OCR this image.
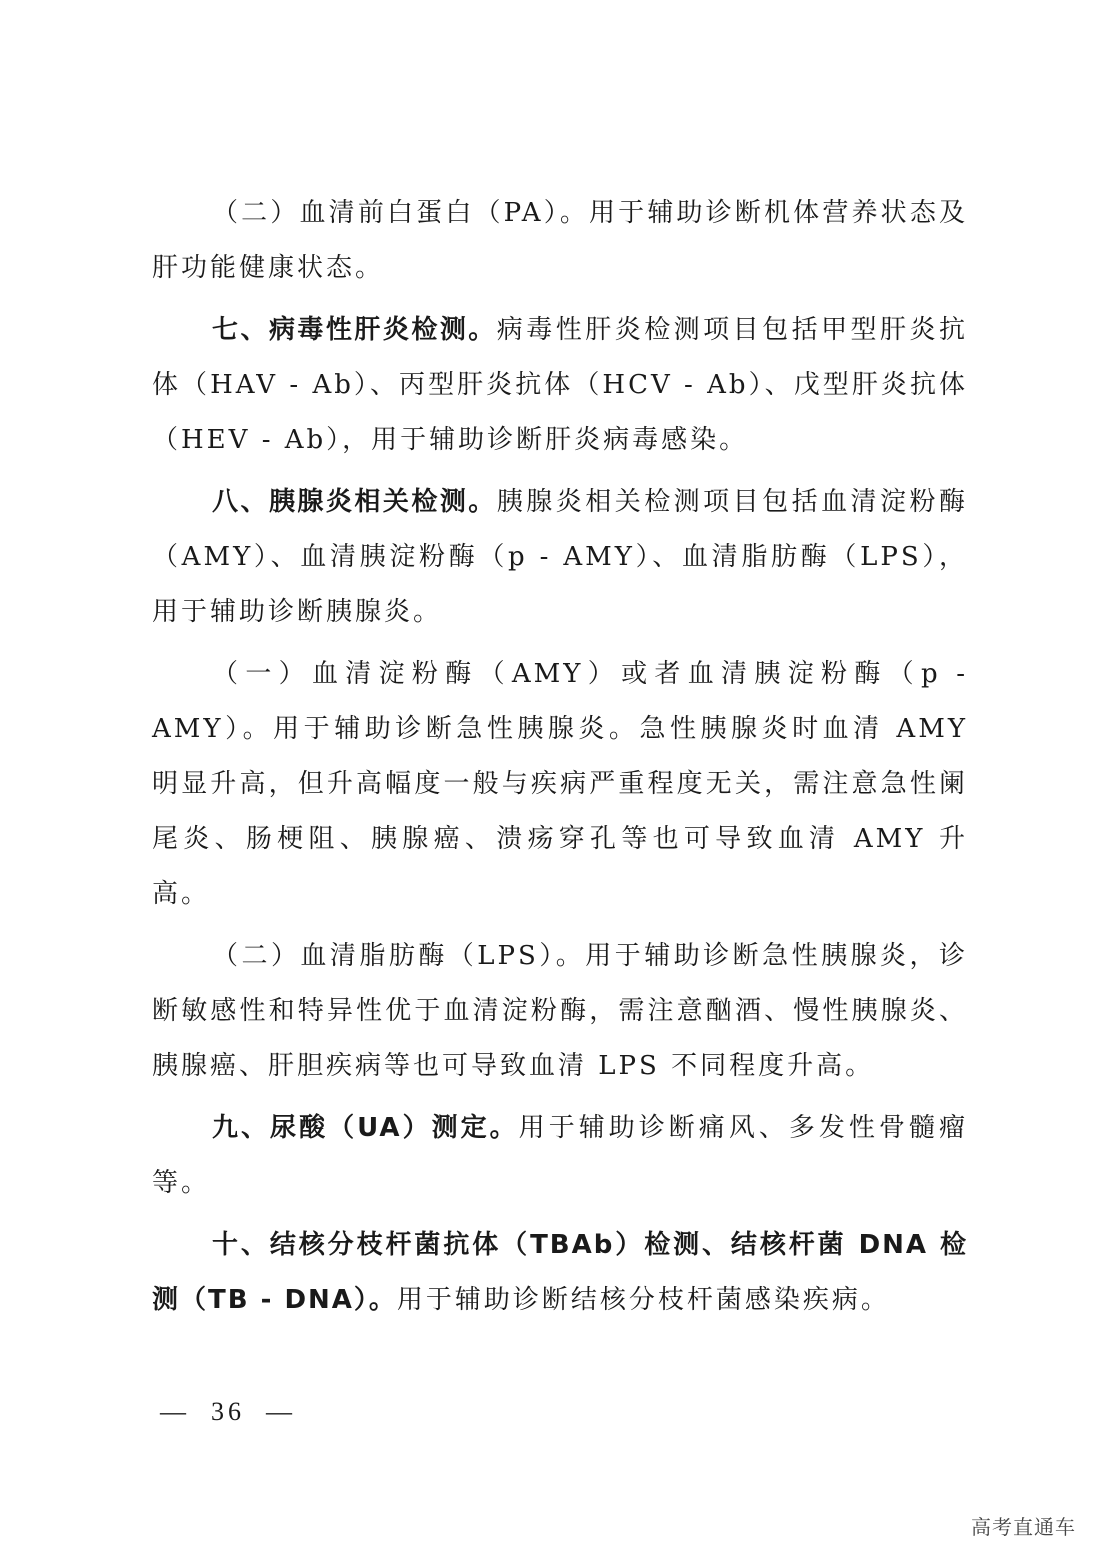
（二）血清前白蛋白（PA）。用于辅助诊断机体营养状态及肝功能健康状态。

七、病毒性肝炎检测。病毒性肝炎检测项目包括甲型肝炎抗体（HAV - Ab）、丙型肝炎抗体（HCV - Ab）、戊型肝炎抗体（HEV - Ab），用于辅助诊断肝炎病毒感染。

八、胰腺炎相关检测。胰腺炎相关检测项目包括血清淀粉酶（AMY）、血清胰淀粉酶（p - AMY）、血清脂肪酶（LPS），用于辅助诊断胰腺炎。

（一）血清淀粉酶（AMY）或者血清胰淀粉酶（p - AMY）。用于辅助诊断急性胰腺炎。急性胰腺炎时血清 AMY 明显升高，但升高幅度一般与疾病严重程度无关，需注意急性阑尾炎、肠梗阻、胰腺癌、溃疡穿孔等也可导致血清 AMY 升高。

（二）血清脂肪酶（LPS）。用于辅助诊断急性胰腺炎，诊断敏感性和特异性优于血清淀粉酶，需注意酗酒、慢性胰腺炎、胰腺癌、肝胆疾病等也可导致血清 LPS 不同程度升高。

九、尿酸（UA）测定。用于辅助诊断痛风、多发性骨髓瘤等。

十、结核分枝杆菌抗体（TBAb）检测、结核杆菌 DNA 检测（TB - DNA）。用于辅助诊断结核分枝杆菌感染疾病。

—  36  —
高考直通车
